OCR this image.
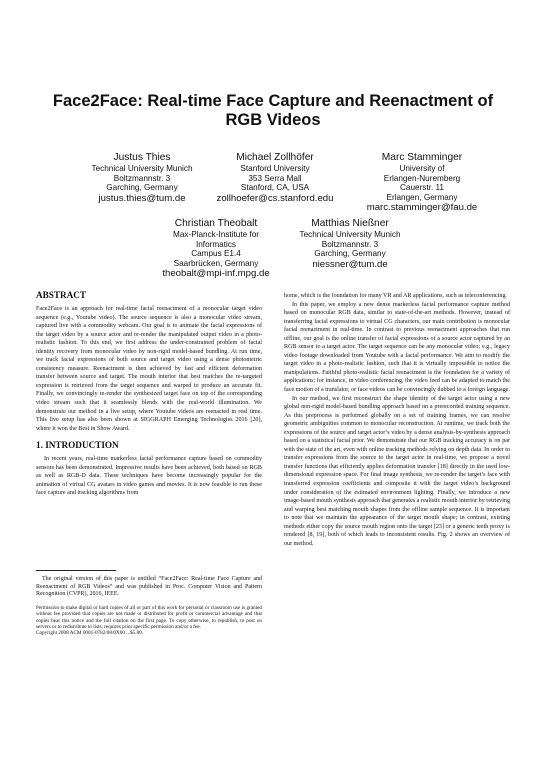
Face2Face: Real-time Face Capture and Reenactment of
RGB Videos
Justus Thies
Technical University Munich
Boltzmannstr. 3
Garching, Germany
justus.thies@tum.de
Michael Zollhöfer
Stanford University
353 Serra Mall
Stanford, CA, USA
zollhoefer@cs.stanford.edu
Marc Stamminger
University of
Erlangen-Nuremberg
Cauerstr. 11
Erlangen, Germany
marc.stamminger@fau.de
Christian Theobalt
Max-Planck-Institute for
Informatics
Campus E1.4
Saarbrücken, Germany
theobalt@mpi-inf.mpg.de
Matthias Nießner
Technical University Munich
Boltzmannstr. 3
Garching, Germany
niessner@tum.de
ABSTRACT

Face2Face is an approach for real-time facial reenactment of a monocular target video sequence (e.g., Youtube video). The source sequence is also a monocular video stream, captured live with a commodity webcam. Our goal is to animate the facial expressions of the target video by a source actor and re-render the manipulated output video in a photo-realistic fashion. To this end, we first address the under-constrained problem of facial identity recovery from monocular video by non-rigid model-based bundling. At run time, we track facial expressions of both source and target video using a dense photometric consistency measure. Reenactment is then achieved by fast and efficient deformation transfer between source and target. The mouth interior that best matches the re-targeted expression is retrieved from the target sequence and warped to produce an accurate fit. Finally, we convincingly re-render the synthesized target face on top of the corresponding video stream such that it seamlessly blends with the real-world illumination. We demonstrate our method in a live setup, where Youtube videos are reenacted in real time. This live setup has also been shown at SIGGRAPH Emerging Technologies 2016 [20], where it won the Best in Show Award.

1. INTRODUCTION

In recent years, real-time markerless facial performance capture based on commodity sensors has been demonstrated. Impressive results have been achieved, both based on RGB as well as RGB-D data. These techniques have become increasingly popular for the animation of virtual CG avatars in video games and movies. It is now feasible to run these face capture and tracking algorithms from

The original version of this paper is entitled “Face2Face: Real-time Face Capture and Reenactment of RGB Videos” and was published in Proc. Computer Vision and Pattern Recognition (CVPR), 2016, IEEE.

Permission to make digital or hard copies of all or part of this work for personal or classroom use is granted without fee provided that copies are not made or distributed for profit or commercial advantage and that copies bear this notice and the full citation on the first page. To copy otherwise, to republish, to post on servers or to redistribute to lists, requires prior specific permission and/or a fee.

Copyright 2008 ACM 0001-0782/08/0X00 ...$5.00.

home, which is the foundation for many VR and AR applications, such as teleconferencing.

In this paper, we employ a new dense markerless facial performance capture method based on monocular RGB data, similar to state-of-the-art methods. However, instead of transferring facial expressions to virtual CG characters, our main contribution is monocular facial reenactment in real-time. In contrast to previous reenactment approaches that run offline, our goal is the online transfer of facial expressions of a source actor captured by an RGB sensor to a target actor. The target sequence can be any monocular video; e.g., legacy video footage downloaded from Youtube with a facial performance. We aim to modify the target video in a photo-realistic fashion, such that it is virtually impossible to notice the manipulations. Faithful photo-realistic facial reenactment is the foundation for a variety of applications; for instance, in video conferencing, the video feed can be adapted to match the face motion of a translator, or face videos can be convincingly dubbed to a foreign language.

In our method, we first reconstruct the shape identity of the target actor using a new global non-rigid model-based bundling approach based on a prerecorded training sequence. As this preprocess is performed globally on a set of training frames, we can resolve geometric ambiguities common to monocular reconstruction. At runtime, we track both the expressions of the source and target actor’s video by a dense analysis-by-synthesis approach based on a statistical facial prior. We demonstrate that our RGB tracking accuracy is on par with the state of the art, even with online tracking methods relying on depth data. In order to transfer expressions from the source to the target actor in real-time, we propose a novel transfer functions that efficiently applies deformation transfer [18] directly in the used low-dimensional expression space. For final image synthesis, we re-render the target’s face with transferred expression coefficients and composite it with the target video’s background under consideration of the estimated environment lighting. Finally, we introduce a new image-based mouth synthesis approach that generates a realistic mouth interior by retrieving and warping best matching mouth shapes from the offline sample sequence. It is important to note that we maintain the appearance of the target mouth shape; in contrast, existing methods either copy the source mouth region onto the target [23] or a generic teeth proxy is rendered [8, 19], both of which leads to inconsistent results. Fig. 2 shows an overview of our method.
